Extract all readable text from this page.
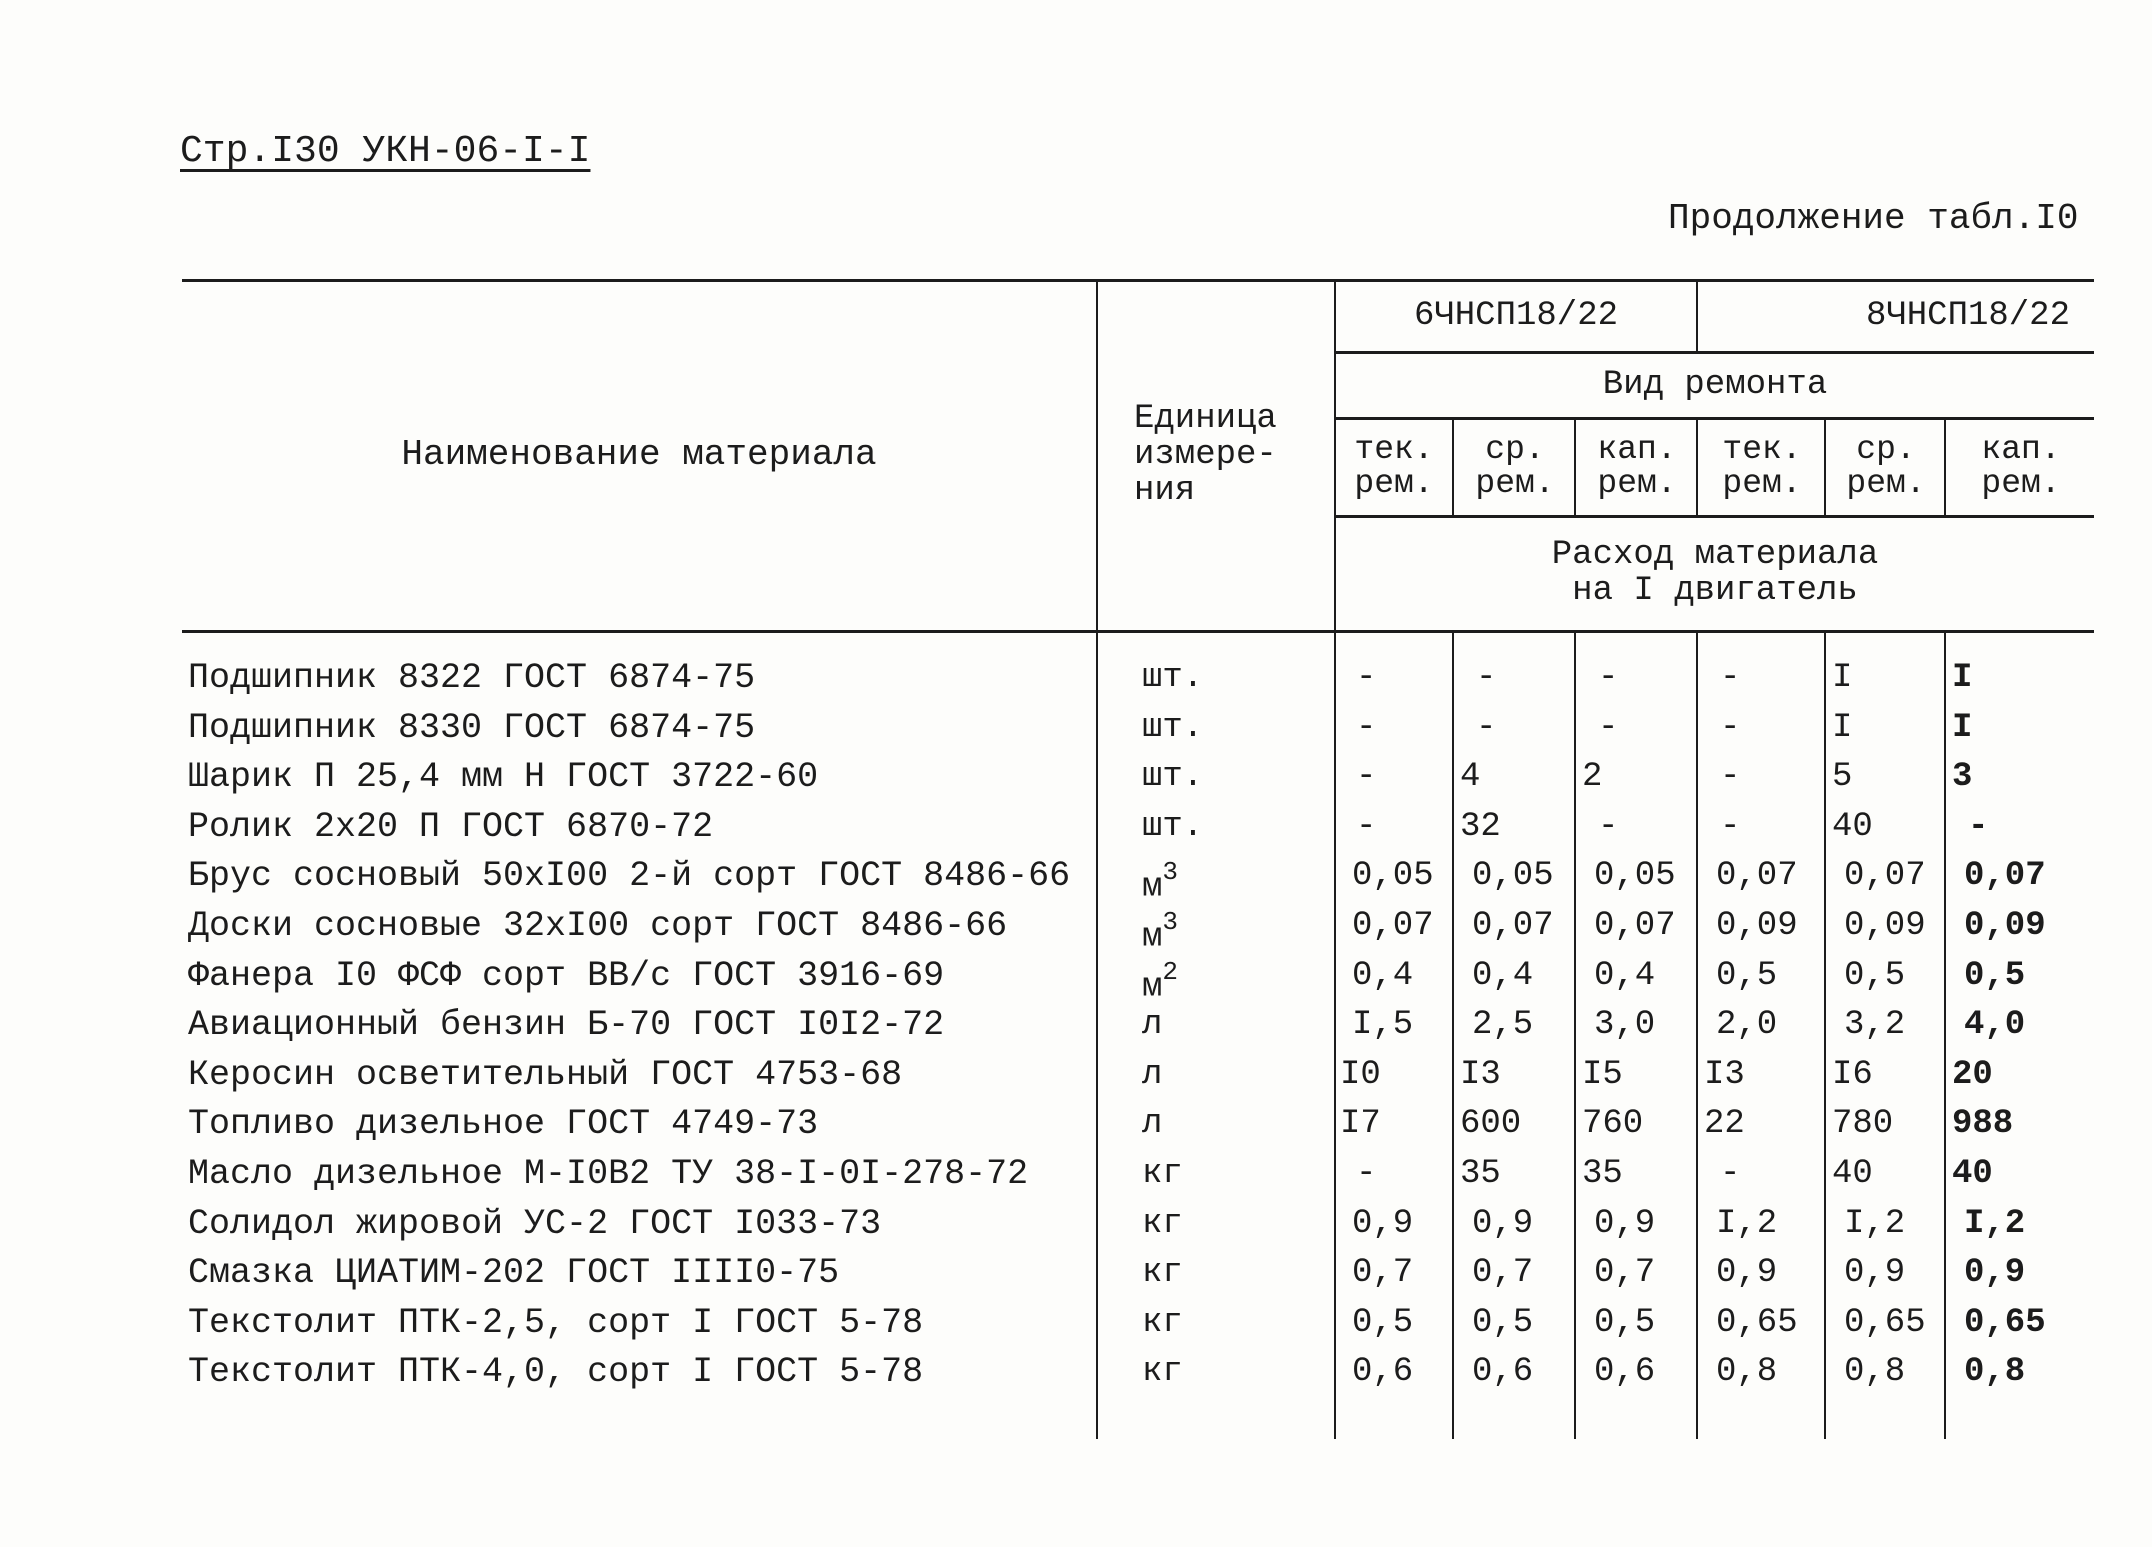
Стр.I30 УКН-06-I-I
Продолжение табл.I0
Наименование материала
Единица измере-ния
6ЧНСП18/22	8ЧНСП18/22
Вид ремонта
тек. рем.
ср. рем.
кап. рем.
тек. рем.
ср. рем.
кап. рем.
Расход материала на I двигатель
Подшипник 8322 ГОСТ 6874-75	шт.	-	-	-	-	I	I
Подшипник 8330 ГОСТ 6874-75	шт.	-	-	-	-	I	I
Шарик П 25,4 мм Н ГОСТ 3722-60	шт.	- 4	2	-	5	3
Ролик 2x20 П ГОСТ 6870-72	шт.	- 32	-	-	40	-
Брус сосновый 50xI00 2-й сорт ГОСТ 8486-66 $м^3$	0,05 0,05 0,05 0,07 0,07 0,07
Доски сосновые 32xI00 сорт ГОСТ 8486-66	$м^3$	0,07 0,07 0,07 0,09 0,09 0,09
Фанера I0 ФСФ сорт ВВ/с ГОСТ 3916-69	$м^2$	0,4 0,4 0,4 0,5 0,5 0,5
Авиационный бензин Б-70 ГОСТ I0I2-72	л	I,5 2,5 3,0 2,0 3,2 4,0
Керосин осветительный ГОСТ 4753-68	л	I0 I3 I5 I3	I6 20
Топливо дизельное ГОСТ 4749-73	л	I7 600 760 22	780 988
Масло дизельное М-I0В2 ТУ 38-I-0I-278-72	кг	- 35 35	-	40 40
Солидол жировой УС-2 ГОСТ I033-73	кг	0,9 0,9 0,9 I,2 I,2 I,2
Смазка ЦИАТИМ-202 ГОСТ IIII0-75	кг	0,7 0,7 0,7 0,9 0,9 0,9
Текстолит ПТК-2,5, сорт I ГОСТ 5-78	кг	0,5 0,5 0,5 0,65 0,65 0,65
Текстолит ПТК-4,0, сорт I ГОСТ 5-78	кг	0,6 0,6 0,6 0,8 0,8 0,8
